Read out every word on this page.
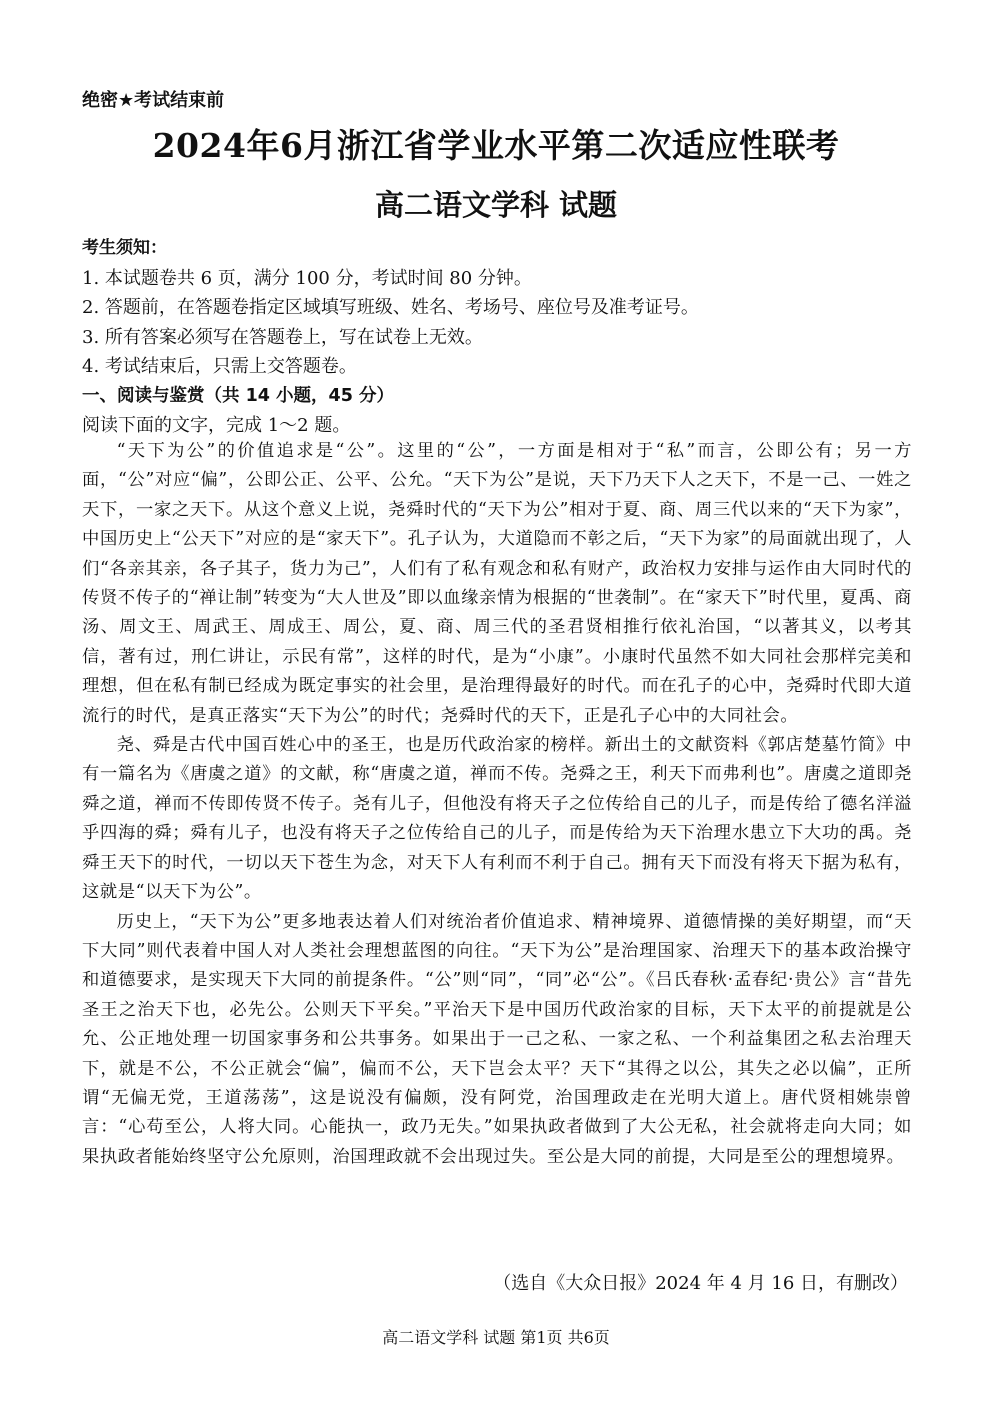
绝密★考试结束前
2024年6月浙江省学业水平第二次适应性联考
高二语文学科 试题
考生须知：
1. 本试题卷共 6 页，满分 100 分，考试时间 80 分钟。
2. 答题前，在答题卷指定区域填写班级、姓名、考场号、座位号及准考证号。
3. 所有答案必须写在答题卷上，写在试卷上无效。
4. 考试结束后，只需上交答题卷。
一、阅读与鉴赏（共 14 小题，45 分）
阅读下面的文字，完成 1～2 题。

“天下为公”的价值追求是“公”。这里的“公”，一方面是相对于“私”而言，公即公有；另一方面，“公”对应“偏”，公即公正、公平、公允。“天下为公”是说，天下乃天下人之天下，不是一己、一姓之天下，一家之天下。从这个意义上说，尧舜时代的“天下为公”相对于夏、商、周三代以来的“天下为家”，中国历史上“公天下”对应的是“家天下”。孔子认为，大道隐而不彰之后，“天下为家”的局面就出现了，人们“各亲其亲，各子其子，货力为己”，人们有了私有观念和私有财产，政治权力安排与运作由大同时代的传贤不传子的“禅让制”转变为“大人世及”即以血缘亲情为根据的“世袭制”。在“家天下”时代里，夏禹、商汤、周文王、周武王、周成王、周公，夏、商、周三代的圣君贤相推行依礼治国，“以著其义，以考其信，著有过，刑仁讲让，示民有常”，这样的时代，是为“小康”。小康时代虽然不如大同社会那样完美和理想，但在私有制已经成为既定事实的社会里，是治理得最好的时代。而在孔子的心中，尧舜时代即大道流行的时代，是真正落实“天下为公”的时代；尧舜时代的天下，正是孔子心中的大同社会。

尧、舜是古代中国百姓心中的圣王，也是历代政治家的榜样。新出土的文献资料《郭店楚墓竹简》中有一篇名为《唐虞之道》的文献，称“唐虞之道，禅而不传。尧舜之王，利天下而弗利也”。唐虞之道即尧舜之道，禅而不传即传贤不传子。尧有儿子，但他没有将天子之位传给自己的儿子，而是传给了德名洋溢乎四海的舜；舜有儿子，也没有将天子之位传给自己的儿子，而是传给为天下治理水患立下大功的禹。尧舜王天下的时代，一切以天下苍生为念，对天下人有利而不利于自己。拥有天下而没有将天下据为私有，这就是“以天下为公”。

历史上，“天下为公”更多地表达着人们对统治者价值追求、精神境界、道德情操的美好期望，而“天下大同”则代表着中国人对人类社会理想蓝图的向往。“天下为公”是治理国家、治理天下的基本政治操守和道德要求，是实现天下大同的前提条件。“公”则“同”，“同”必“公”。《吕氏春秋·孟春纪·贵公》言“昔先圣王之治天下也，必先公。公则天下平矣。”平治天下是中国历代政治家的目标，天下太平的前提就是公允、公正地处理一切国家事务和公共事务。如果出于一己之私、一家之私、一个利益集团之私去治理天下，就是不公，不公正就会“偏”，偏而不公，天下岂会太平？天下“其得之以公，其失之必以偏”，正所谓“无偏无党，王道荡荡”，这是说没有偏颇，没有阿党，治国理政走在光明大道上。唐代贤相姚崇曾言：“心苟至公，人将大同。心能执一，政乃无失。”如果执政者做到了大公无私，社会就将走向大同；如果执政者能始终坚守公允原则，治国理政就不会出现过失。至公是大同的前提，大同是至公的理想境界。

（选自《大众日报》2024 年 4 月 16 日，有删改）
高二语文学科 试题 第1页 共6页
